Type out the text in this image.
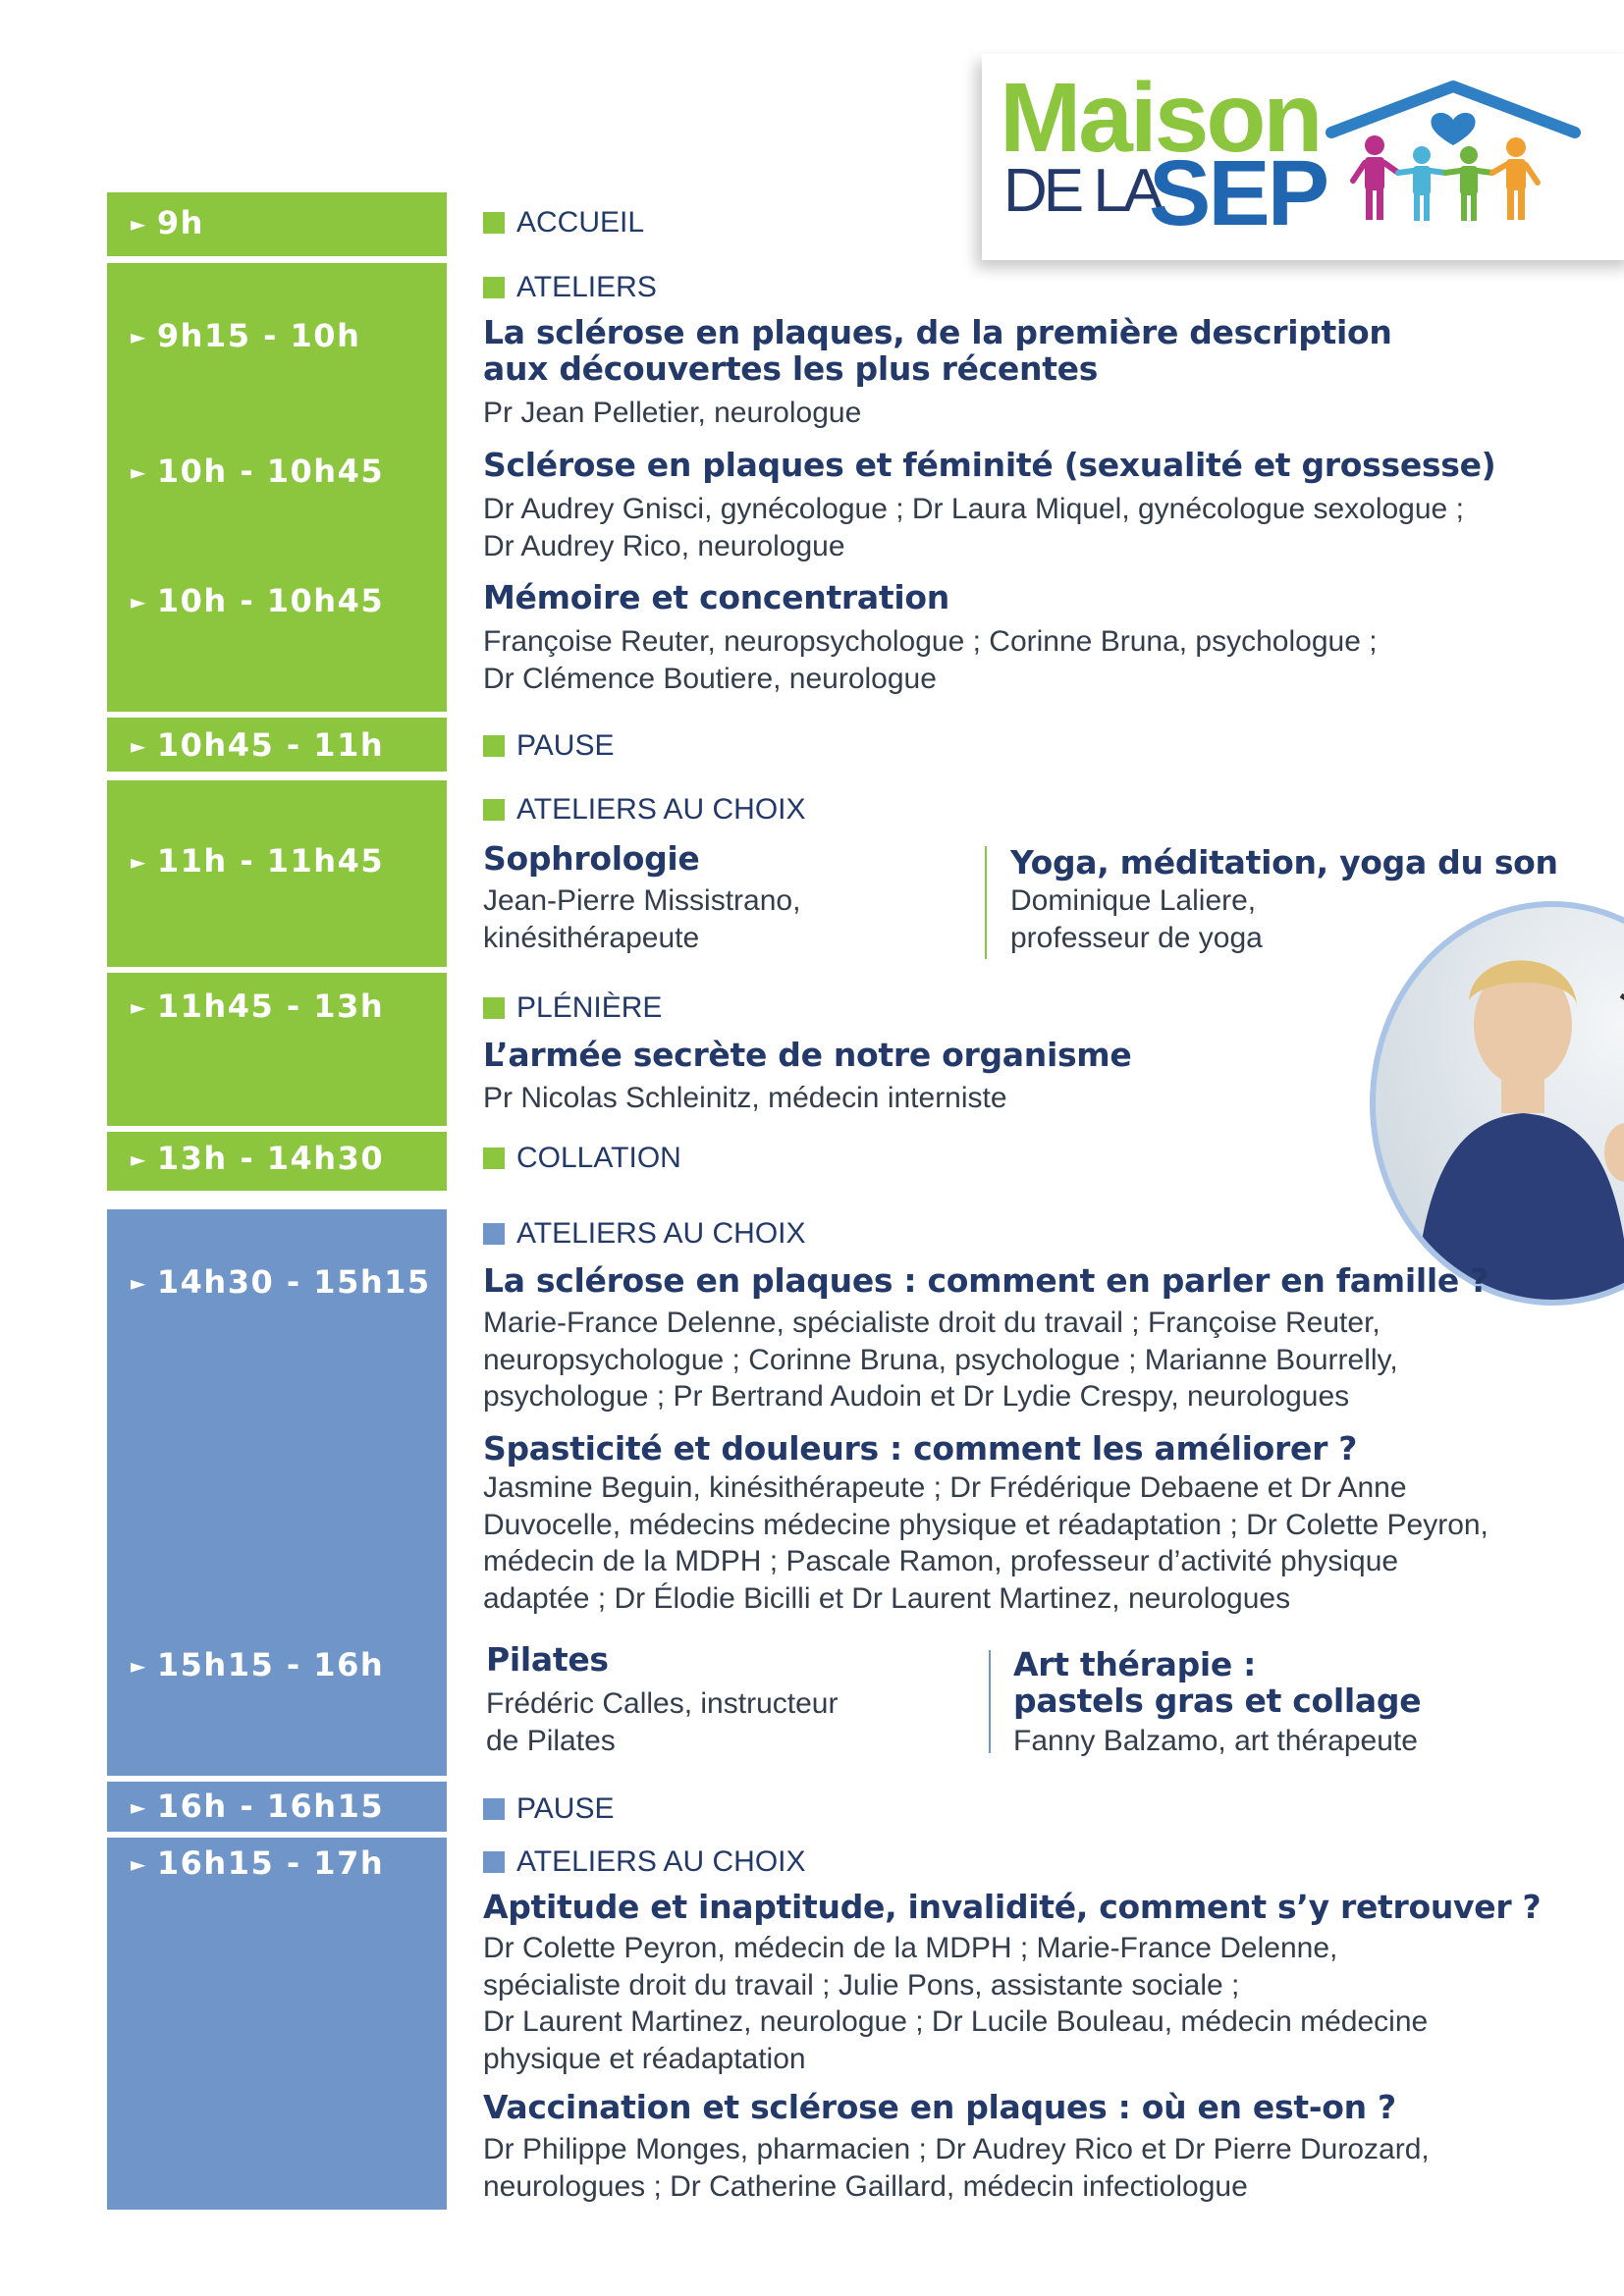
Maison
DE LA
SEP
► 9h
► 9h15 - 10h
► 10h - 10h45
► 10h - 10h45
► 10h45 - 11h
► 11h - 11h45
► 11h45 - 13h
► 13h - 14h30
► 14h30 - 15h15
► 15h15 - 16h
► 16h - 16h15
► 16h15 - 17h
ACCUEIL
ATELIERS
La sclérose en plaques, de la première description
aux découvertes les plus récentes
Pr Jean Pelletier, neurologue
Sclérose en plaques et féminité (sexualité et grossesse)
Dr Audrey Gnisci, gynécologue ; Dr Laura Miquel, gynécologue sexologue ;
Dr Audrey Rico, neurologue
Mémoire et concentration
Françoise Reuter, neuropsychologue ; Corinne Bruna, psychologue ;
Dr Clémence Boutiere, neurologue
PAUSE
ATELIERS AU CHOIX
Sophrologie
Jean-Pierre Missistrano,
kinésithérapeute
Yoga, méditation, yoga du son
Dominique Laliere,
professeur de yoga
PLÉNIÈRE
L’armée secrète de notre organisme
Pr Nicolas Schleinitz, médecin interniste
COLLATION
ATELIERS AU CHOIX
La sclérose en plaques : comment en parler en famille ?
Marie-France Delenne, spécialiste droit du travail ; Françoise Reuter,
neuropsychologue ; Corinne Bruna, psychologue ; Marianne Bourrelly,
psychologue ; Pr Bertrand Audoin et Dr Lydie Crespy, neurologues
Spasticité et douleurs : comment les améliorer ?
Jasmine Beguin, kinésithérapeute ; Dr Frédérique Debaene et Dr Anne
Duvocelle, médecins médecine physique et réadaptation ; Dr Colette Peyron,
médecin de la MDPH ; Pascale Ramon, professeur d’activité physique
adaptée ; Dr Élodie Bicilli et Dr Laurent Martinez, neurologues
Pilates
Frédéric Calles, instructeur
de Pilates
Art thérapie :
pastels gras et collage
Fanny Balzamo, art thérapeute
PAUSE
ATELIERS AU CHOIX
Aptitude et inaptitude, invalidité, comment s’y retrouver ?
Dr Colette Peyron, médecin de la MDPH ; Marie-France Delenne,
spécialiste droit du travail ; Julie Pons, assistante sociale ;
Dr Laurent Martinez, neurologue ; Dr Lucile Bouleau, médecin médecine
physique et réadaptation
Vaccination et sclérose en plaques : où en est-on ?
Dr Philippe Monges, pharmacien ; Dr Audrey Rico et Dr Pierre Durozard,
neurologues ; Dr Catherine Gaillard, médecin infectiologue
